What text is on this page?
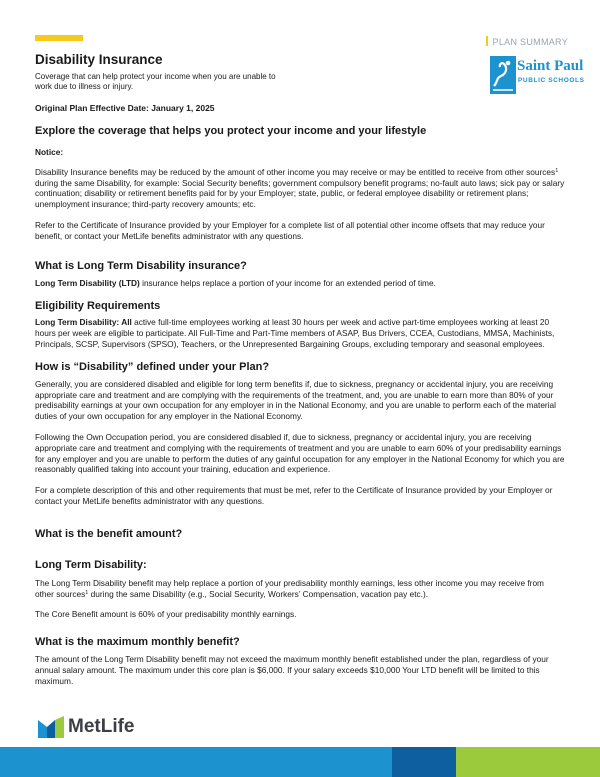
PLAN SUMMARY
Saint Paul
PUBLIC SCHOOLS
Disability Insurance
Coverage that can help protect your income when you are unable to work due to illness or injury.
Original Plan Effective Date: January 1, 2025
Explore the coverage that helps you protect your income and your lifestyle

Notice:

Disability Insurance benefits may be reduced by the amount of other income you may receive or may be entitled to receive from other sources$^1$ during the same Disability, for example: Social Security benefits; government compulsory benefit programs; no-fault auto laws; sick pay or salary continuation; disability or retirement benefits paid for by your Employer; state, public, or federal employee disability or retirement plans; unemployment insurance; third-party recovery amounts; etc.

Refer to the Certificate of Insurance provided by your Employer for a complete list of all potential other income offsets that may reduce your benefit, or contact your MetLife benefits administrator with any questions.

What is Long Term Disability insurance?

Long Term Disability (LTD) insurance helps replace a portion of your income for an extended period of time.

Eligibility Requirements

Long Term Disability: All active full-time employees working at least 30 hours per week and active part-time employees working at least 20 hours per week are eligible to participate. All Full-Time and Part-Time members of ASAP, Bus Drivers, CCEA, Custodians, MMSA, Machinists, Principals, SCSP, Supervisors (SPSO), Teachers, or the Unrepresented Bargaining Groups, excluding temporary and seasonal employees.

How is “Disability” defined under your Plan?

Generally, you are considered disabled and eligible for long term benefits if, due to sickness, pregnancy or accidental injury, you are receiving appropriate care and treatment and are complying with the requirements of the treatment, and, you are unable to earn more than 80% of your predisability earnings at your own occupation for any employer in in the National Economy, and you are unable to perform each of the material duties of your own occupation for any employer in the National Economy.

Following the Own Occupation period, you are considered disabled if, due to sickness, pregnancy or accidental injury, you are receiving appropriate care and treatment and complying with the requirements of treatment and you are unable to earn 60% of your predisability earnings for any employer and you are unable to perform the duties of any gainful occupation for any employer in the National Economy for which you are reasonably qualified taking into account your training, education and experience.

For a complete description of this and other requirements that must be met, refer to the Certificate of Insurance provided by your Employer or contact your MetLife benefits administrator with any questions.

What is the benefit amount?
Long Term Disability:

The Long Term Disability benefit may help replace a portion of your predisability monthly earnings, less other income you may receive from other sources$^1$ during the same Disability (e.g., Social Security, Workers’ Compensation, vacation pay etc.).

The Core Benefit amount is 60% of your predisability monthly earnings.

What is the maximum monthly benefit?

The amount of the Long Term Disability benefit may not exceed the maximum monthly benefit established under the plan, regardless of your annual salary amount. The maximum under this core plan is $6,000. If your salary exceeds $10,000 Your LTD benefit will be limited to this maximum.

MetLife
